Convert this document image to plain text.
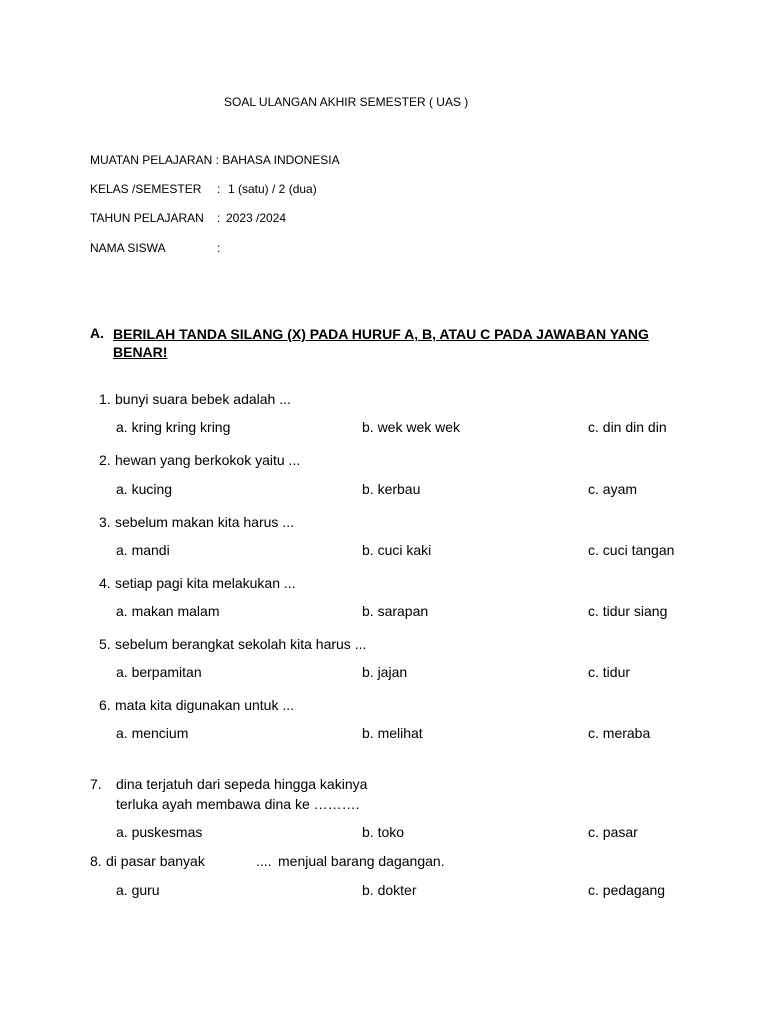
SOAL ULANGAN AKHIR SEMESTER ( UAS )
MUATAN PELAJARAN : BAHASA INDONESIA
KELAS /SEMESTER : 1 (satu) / 2 (dua)
TAHUN PELAJARAN : 2023 /2024
NAMA SISWA	:
A. BERILAH TANDA SILANG (X) PADA HURUF A, B, ATAU C PADA JAWABAN YANG BENAR!
1. bunyi suara bebek adalah ...
a. kring kring kring	b. wek wek wek	c. din din din
2. hewan yang berkokok yaitu ...
a. kucing	b. kerbau	c. ayam
3. sebelum makan kita harus ...
a. mandi	b. cuci kaki	c. cuci tangan
4. setiap pagi kita melakukan ...
a. makan malam	b. sarapan	c. tidur siang
5. sebelum berangkat sekolah kita harus ...
a. berpamitan	b. jajan	c. tidur
6. mata kita digunakan untuk ...
a. mencium	b. melihat	c. meraba
7. dina terjatuh dari sepeda hingga kakinya
terluka ayah membawa dina ke ……….
a. puskesmas	b. toko	c. pasar
8. di pasar banyak	.... menjual barang dagangan.
a. guru	b. dokter	c. pedagang
